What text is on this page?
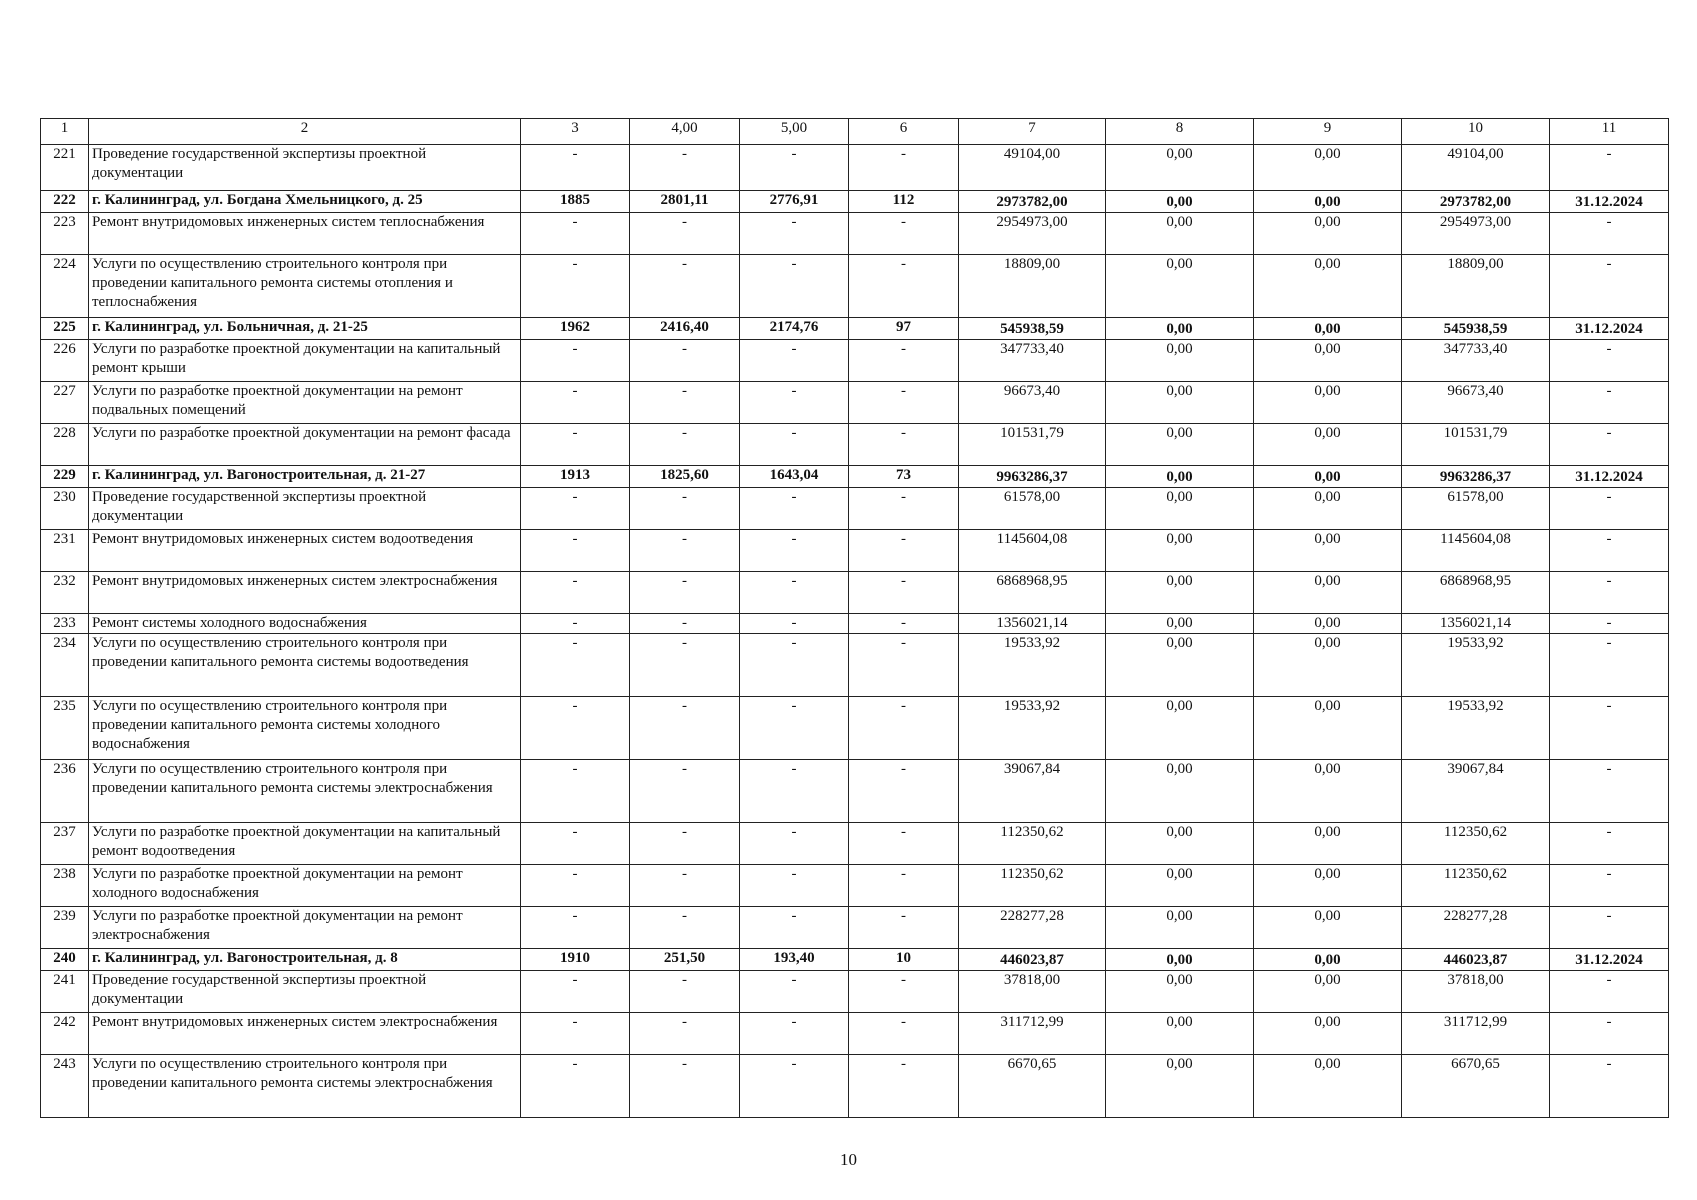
1	2	3	4,00	5,00	6	7	8	9	10	11
221	Проведение государственной экспертизы проектной документации	-	-	-	-	49104,00	0,00	0,00	49104,00	-
222	г. Калининград, ул. Богдана Хмельницкого, д. 25	1885	2801,11	2776,91	112	2973782,00	0,00	0,00	2973782,00	31.12.2024
223	Ремонт внутридомовых инженерных систем теплоснабжения	-	-	-	-	2954973,00	0,00	0,00	2954973,00	-
224	Услуги по осуществлению строительного контроля при проведении капитального ремонта системы отопления и теплоснабжения	-	-	-	-	18809,00	0,00	0,00	18809,00	-
225	г. Калининград, ул. Больничная, д. 21-25	1962	2416,40	2174,76	97	545938,59	0,00	0,00	545938,59	31.12.2024
226	Услуги по разработке проектной документации на капитальный ремонт крыши	-	-	-	-	347733,40	0,00	0,00	347733,40	-
227	Услуги по разработке проектной документации на ремонт подвальных помещений	-	-	-	-	96673,40	0,00	0,00	96673,40	-
228	Услуги по разработке проектной документации на ремонт фасада	-	-	-	-	101531,79	0,00	0,00	101531,79	-
229	г. Калининград, ул. Вагоностроительная, д. 21-27	1913	1825,60	1643,04	73	9963286,37	0,00	0,00	9963286,37	31.12.2024
230	Проведение государственной экспертизы проектной документации	-	-	-	-	61578,00	0,00	0,00	61578,00	-
231	Ремонт внутридомовых инженерных систем водоотведения	-	-	-	-	1145604,08	0,00	0,00	1145604,08	-
232	Ремонт внутридомовых инженерных систем электроснабжения	-	-	-	-	6868968,95	0,00	0,00	6868968,95	-
233	Ремонт системы холодного водоснабжения	-	-	-	-	1356021,14	0,00	0,00	1356021,14	-
234	Услуги по осуществлению строительного контроля при проведении капитального ремонта системы водоотведения	-	-	-	-	19533,92	0,00	0,00	19533,92	-
235	Услуги по осуществлению строительного контроля при проведении капитального ремонта системы холодного водоснабжения	-	-	-	-	19533,92	0,00	0,00	19533,92	-
236	Услуги по осуществлению строительного контроля при проведении капитального ремонта системы электроснабжения	-	-	-	-	39067,84	0,00	0,00	39067,84	-
237	Услуги по разработке проектной документации на капитальный ремонт водоотведения	-	-	-	-	112350,62	0,00	0,00	112350,62	-
238	Услуги по разработке проектной документации на ремонт холодного водоснабжения	-	-	-	-	112350,62	0,00	0,00	112350,62	-
239	Услуги по разработке проектной документации на ремонт электроснабжения	-	-	-	-	228277,28	0,00	0,00	228277,28	-
240	г. Калининград, ул. Вагоностроительная, д. 8	1910	251,50	193,40	10	446023,87	0,00	0,00	446023,87	31.12.2024
241	Проведение государственной экспертизы проектной документации	-	-	-	-	37818,00	0,00	0,00	37818,00	-
242	Ремонт внутридомовых инженерных систем электроснабжения	-	-	-	-	311712,99	0,00	0,00	311712,99	-
243	Услуги по осуществлению строительного контроля при проведении капитального ремонта системы электроснабжения	-	-	-	-	6670,65	0,00	0,00	6670,65	-
10
